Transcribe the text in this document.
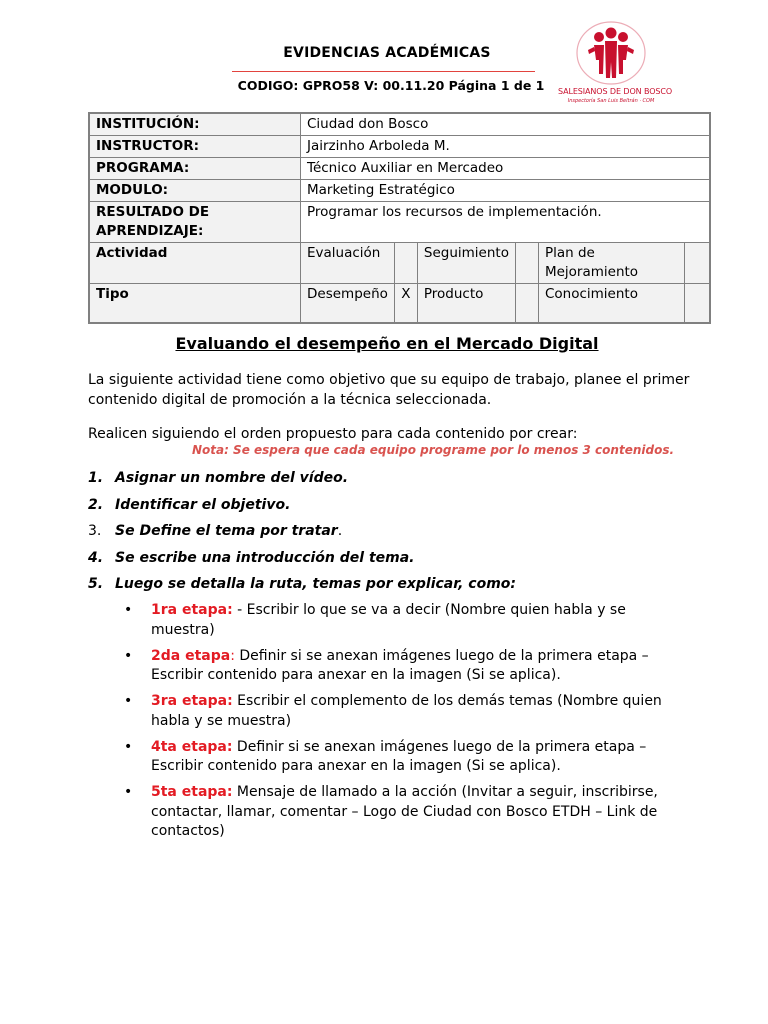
EVIDENCIAS ACADÉMICAS
CODIGO: GPRO58 V: 00.11.20 Página 1 de 1	SALESIANOS DE DON BOSCO
Inspectoría San Luis Beltrán · COM
INSTITUCIÓN:	Ciudad don Bosco					
INSTRUCTOR:	Jairzinho Arboleda M.					
PROGRAMA:	Técnico Auxiliar en Mercadeo					
MODULO:	Marketing Estratégico					
RESULTADO DE APRENDIZAJE:	Programar los recursos de implementación.					
Actividad	Evaluación		Seguimiento		Plan de Mejoramiento	
Tipo	Desempeño	X	Producto		Conocimiento	
Evaluando el desempeño en el Mercado Digital
La siguiente actividad tiene como objetivo que su equipo de trabajo, planee el primer contenido digital de promoción a la técnica seleccionada.
Realicen siguiendo el orden propuesto para cada contenido por crear:
Nota: Se espera que cada equipo programe por lo menos 3 contenidos.
1. Asignar un nombre del vídeo.
2. Identificar el objetivo.
3. Se Define el tema por tratar.
4. Se escribe una introducción del tema.
5. Luego se detalla la ruta, temas por explicar, como:
•	1ra etapa: - Escribir lo que se va a decir (Nombre quien habla y se muestra)
•	2da etapa: Definir si se anexan imágenes luego de la primera etapa – Escribir contenido para anexar en la imagen (Si se aplica).
•	3ra etapa: Escribir el complemento de los demás temas (Nombre quien habla y se muestra)
•	4ta etapa: Definir si se anexan imágenes luego de la primera etapa – Escribir contenido para anexar en la imagen (Si se aplica).
•	5ta etapa: Mensaje de llamado a la acción (Invitar a seguir, inscribirse, contactar, llamar, comentar – Logo de Ciudad con Bosco ETDH – Link de contactos)
